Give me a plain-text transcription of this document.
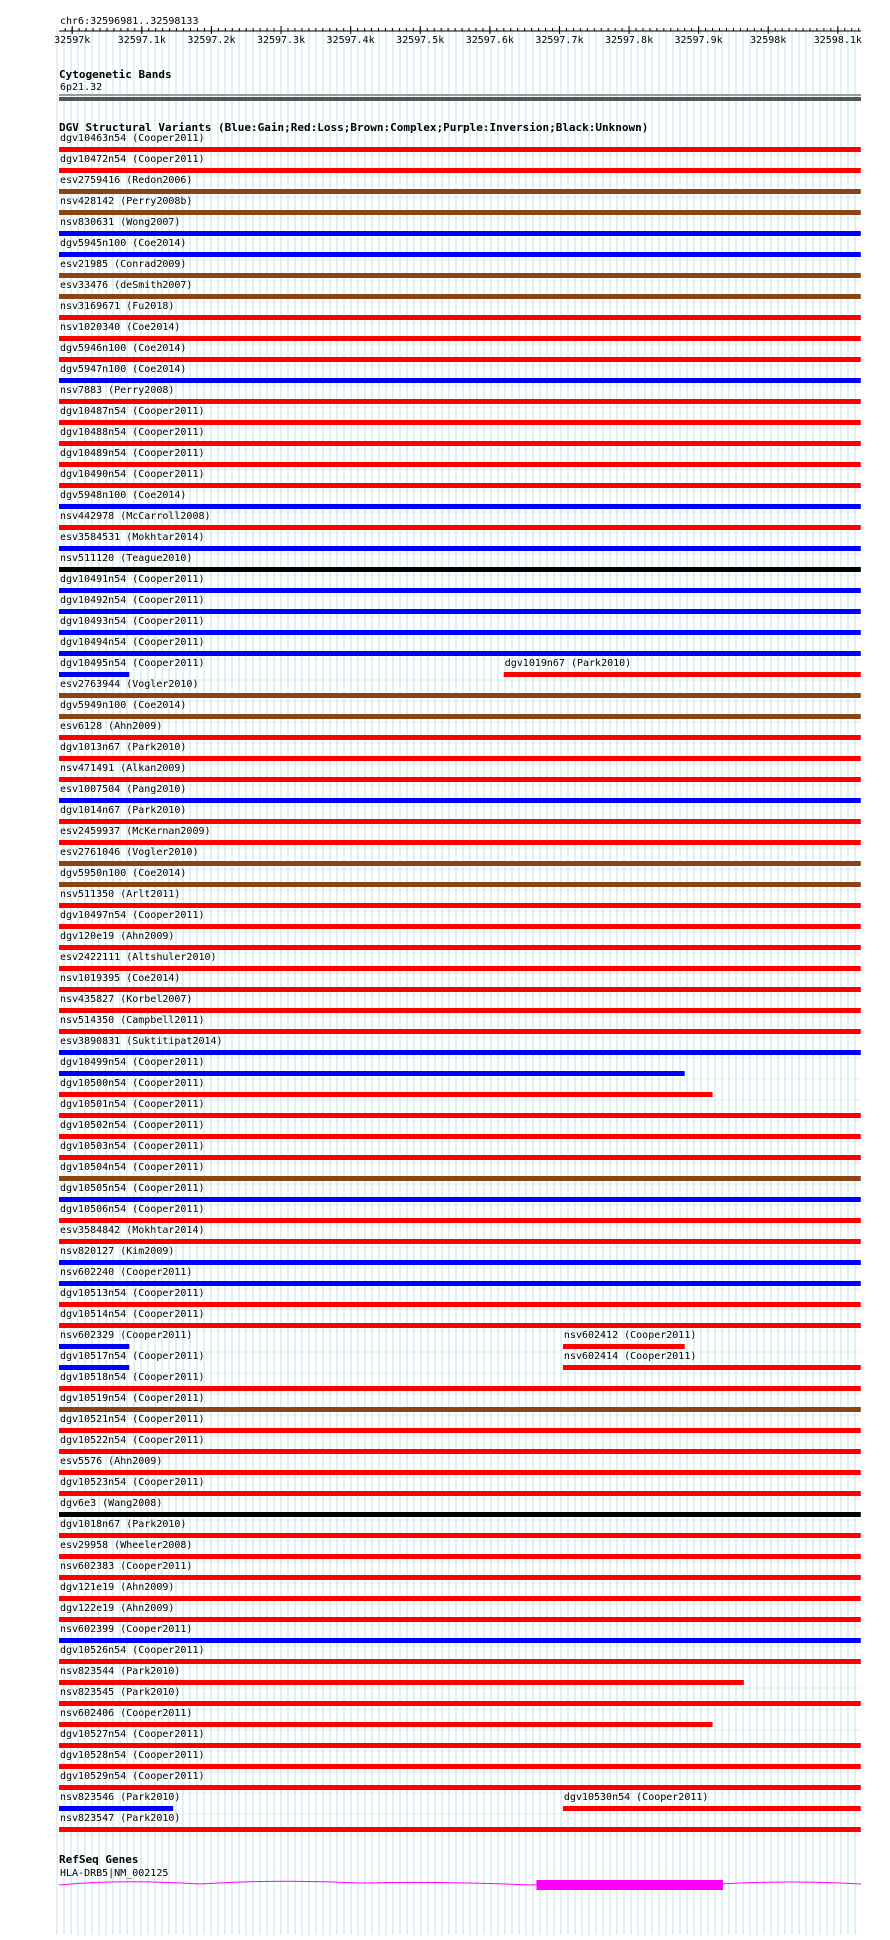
chr6:32596981..32598133
32597k	32597.1k 32597.2k 32597.3k 32597.4k 32597.5k 32597.6k 32597.7k 32597.8k 32597.9k	32598k	32598.1k
Cytogenetic Bands
6p21.32
DGV Structural Variants (Blue:Gain;Red:Loss;Brown:Complex;Purple:Inversion;Black:Unknown)
dgv10463n54 (Cooper2011)
dgv10472n54 (Cooper2011)
esv2759416 (Redon2006)
nsv428142 (Perry2008b)
nsv830631 (Wong2007)
dgv5945n100 (Coe2014)
esv21985 (Conrad2009)
esv33476 (deSmith2007)
nsv3169671 (Fu2018)
nsv1020340 (Coe2014)
dgv5946n100 (Coe2014)
dgv5947n100 (Coe2014)
nsv7883 (Perry2008)
dgv10487n54 (Cooper2011)
dgv10488n54 (Cooper2011)
dgv10489n54 (Cooper2011)
dgv10490n54 (Cooper2011)
dgv5948n100 (Coe2014)
nsv442978 (McCarroll2008)
esv3584531 (Mokhtar2014)
nsv511120 (Teague2010)
dgv10491n54 (Cooper2011)
dgv10492n54 (Cooper2011)
dgv10493n54 (Cooper2011)
dgv10494n54 (Cooper2011)
dgv10495n54 (Cooper2011)	dgv1019n67 (Park2010)
esv2763944 (Vogler2010)
dgv5949n100 (Coe2014)
esv6128 (Ahn2009)
dgv1013n67 (Park2010)
nsv471491 (Alkan2009)
esv1007504 (Pang2010)
dgv1014n67 (Park2010)
esv2459937 (McKernan2009)
esv2761046 (Vogler2010)
dgv5950n100 (Coe2014)
nsv511350 (Arlt2011)
dgv10497n54 (Cooper2011)
dgv120e19 (Ahn2009)
esv2422111 (Altshuler2010)
nsv1019395 (Coe2014)
nsv435827 (Korbel2007)
nsv514350 (Campbell2011)
esv3890831 (Suktitipat2014)
dgv10499n54 (Cooper2011)
dgv10500n54 (Cooper2011)
dgv10501n54 (Cooper2011)
dgv10502n54 (Cooper2011)
dgv10503n54 (Cooper2011)
dgv10504n54 (Cooper2011)
dgv10505n54 (Cooper2011)
dgv10506n54 (Cooper2011)
esv3584842 (Mokhtar2014)
nsv820127 (Kim2009)
nsv602240 (Cooper2011)
dgv10513n54 (Cooper2011)
dgv10514n54 (Cooper2011)
nsv602329 (Cooper2011)	nsv602412 (Cooper2011)
dgv10517n54 (Cooper2011)	nsv602414 (Cooper2011)
dgv10518n54 (Cooper2011)
dgv10519n54 (Cooper2011)
dgv10521n54 (Cooper2011)
dgv10522n54 (Cooper2011)
esv5576 (Ahn2009)
dgv10523n54 (Cooper2011)
dgv6e3 (Wang2008)
dgv1018n67 (Park2010)
esv29958 (Wheeler2008)
nsv602383 (Cooper2011)
dgv121e19 (Ahn2009)
dgv122e19 (Ahn2009)
nsv602399 (Cooper2011)
dgv10526n54 (Cooper2011)
nsv823544 (Park2010)
nsv823545 (Park2010)
nsv602406 (Cooper2011)
dgv10527n54 (Cooper2011)
dgv10528n54 (Cooper2011)
dgv10529n54 (Cooper2011)
nsv823546 (Park2010)	dgv10530n54 (Cooper2011)
nsv823547 (Park2010)
RefSeq Genes
HLA-DRB5|NM_002125
